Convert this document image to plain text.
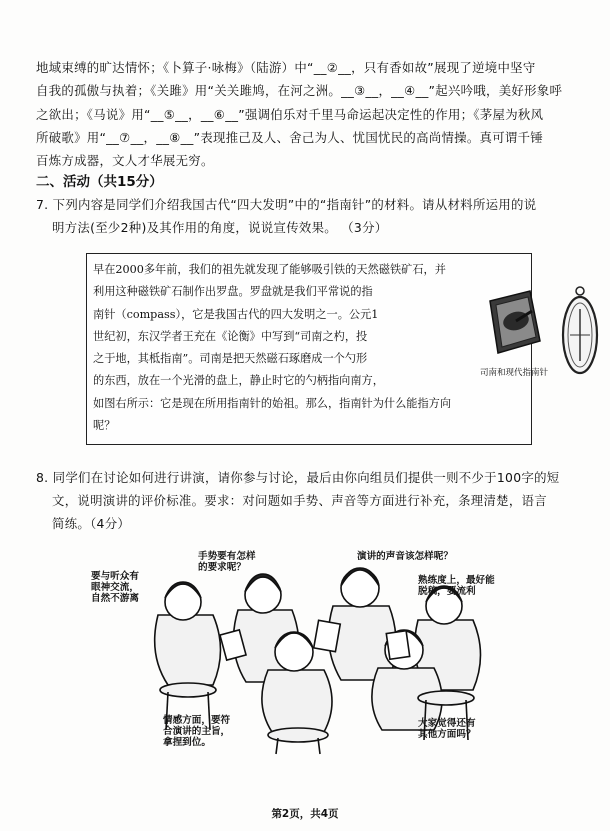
地域束缚的旷达情怀；《卜算子·咏梅》（陆游）中“__②__，只有香如故”展现了逆境中坚守
自我的孤傲与执着；《关雎》用“关关雎鸠，在河之洲。__③__，__④__”起兴吟哦，美好形象呼
之欲出；《马说》用“__⑤__，__⑥__”强调伯乐对千里马命运起决定性的作用；《茅屋为秋风
所破歌》用“__⑦__，__⑧__”表现推己及人、舍己为人、忧国忧民的高尚情操。真可谓千锤
百炼方成器，文人才华展无穷。
二、活动（共15分）
7. 下列内容是同学们介绍我国古代“四大发明”中的“指南针”的材料。请从材料所运用的说
明方法(至少2种)及其作用的角度，说说宣传效果。 （3分）
早在2000多年前，我们的祖先就发现了能够吸引铁的天然磁铁矿石，并
利用这种磁铁矿石制作出罗盘。罗盘就是我们平常说的指
南针（compass），它是我国古代的四大发明之一。公元1
世纪初，东汉学者王充在《论衡》中写到“司南之杓，投
之于地，其柢指南”。司南是把天然磁石琢磨成一个勺形
的东西，放在一个光滑的盘上，静止时它的勺柄指向南方，
如图右所示：它是现在所用指南针的始祖。那么，指南针为什么能指方向
呢？
司南和现代指南针
8. 同学们在讨论如何进行讲演，请你参与讨论，最后由你向组员们提供一则不少于100字的短
文，说明演讲的评价标准。要求：对问题如手势、声音等方面进行补充，条理清楚，语言
简练。（4分）
手势要有怎样
的要求呢？
演讲的声音该怎样呢？
要与听众有
眼神交流，
自然不游离
熟练度上，最好能
脱稿，要流利
情感方面，要符
合演讲的主旨，
拿捏到位。
大家觉得还有
其他方面吗？
第2页，共4页
